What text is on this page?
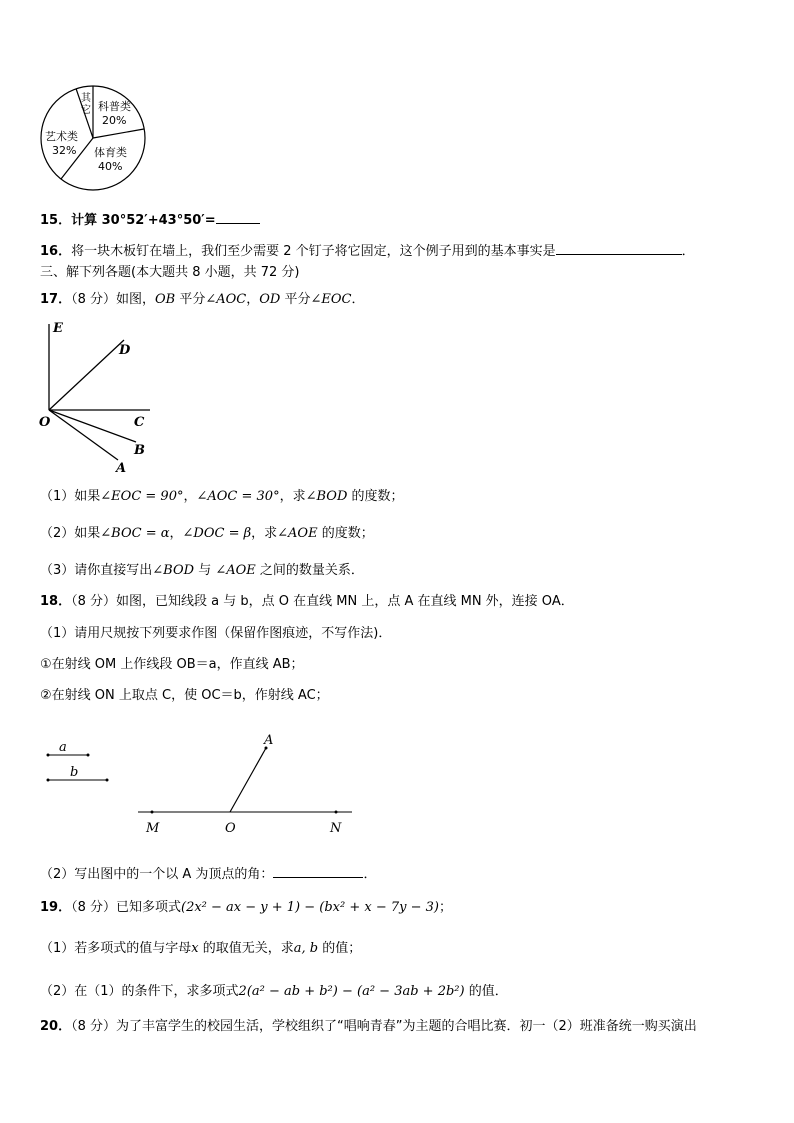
其
它 科普类
20%
艺术类
32% 体育类
40%
15．计算 30°52′+43°50′=
16．将一块木板钉在墙上，我们至少需要 2 个钉子将它固定，这个例子用到的基本事实是	．
三、解下列各题(本大题共 8 小题，共 72 分)
17．（8 分）如图，OB 平分∠AOC，OD 平分∠EOC．
E
D
O	C
B
A
（1）如果∠EOC = 90°，∠AOC = 30°，求∠BOD 的度数；
（2）如果∠BOC = α，∠DOC = β，求∠AOE 的度数；
（3）请你直接写出∠BOD 与 ∠AOE 之间的数量关系．
18．（8 分）如图，已知线段 a 与 b，点 O 在直线 MN 上，点 A 在直线 MN 外，连接 OA．
（1）请用尺规按下列要求作图（保留作图痕迹，不写作法)．
①在射线 OM 上作线段 OB＝a，作直线 AB；
②在射线 ON 上取点 C，使 OC＝b，作射线 AC；
a
b
A
M	O	N
（2）写出图中的一个以 A 为顶点的角：	．
19．（8 分）已知多项式(2x² − ax − y + 1) − (bx² + x − 7y − 3)；
（1）若多项式的值与字母x 的取值无关，求a, b 的值；
（2）在（1）的条件下，求多项式2(a² − ab + b²) − (a² − 3ab + 2b²) 的值．
20．（8 分）为了丰富学生的校园生活，学校组织了“唱响青春”为主题的合唱比赛．初一（2）班准备统一购买演出
